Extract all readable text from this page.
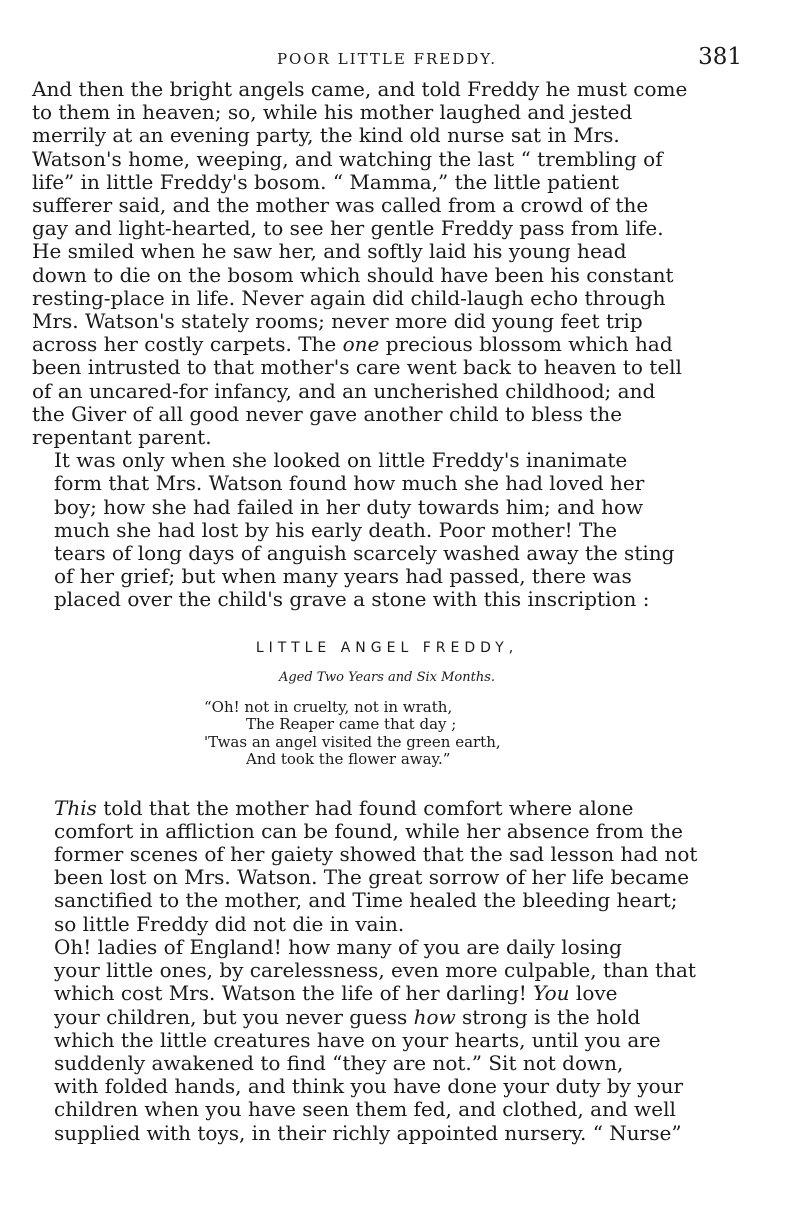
POOR LITTLE FREDDY.	381

And then the bright angels came, and told Freddy he must come
to them in heaven; so, while his mother laughed and jested
merrily at an evening party, the kind old nurse sat in Mrs.
Watson's home, weeping, and watching the last “ trembling of
life” in little Freddy's bosom. “ Mamma,” the little patient
sufferer said, and the mother was called from a crowd of the
gay and light-hearted, to see her gentle Freddy pass from life.
He smiled when he saw her, and softly laid his young head
down to die on the bosom which should have been his constant
resting-place in life. Never again did child-laugh echo through
Mrs. Watson's stately rooms; never more did young feet trip
across her costly carpets. The one precious blossom which had
been intrusted to that mother's care went back to heaven to tell
of an uncared-for infancy, and an uncherished childhood; and
the Giver of all good never gave another child to bless the
repentant parent.

It was only when she looked on little Freddy's inanimate
form that Mrs. Watson found how much she had loved her
boy; how she had failed in her duty towards him; and how
much she had lost by his early death. Poor mother! The
tears of long days of anguish scarcely washed away the sting
of her grief; but when many years had passed, there was
placed over the child's grave a stone with this inscription :

LITTLE ANGEL FREDDY,
Aged Two Years and Six Months.
“Oh! not in cruelty, not in wrath,
The Reaper came that day ;
'Twas an angel visited the green earth,
And took the flower away.”

This told that the mother had found comfort where alone
comfort in affliction can be found, while her absence from the
former scenes of her gaiety showed that the sad lesson had not
been lost on Mrs. Watson. The great sorrow of her life became
sanctified to the mother, and Time healed the bleeding heart;
so little Freddy did not die in vain.

Oh! ladies of England! how many of you are daily losing
your little ones, by carelessness, even more culpable, than that
which cost Mrs. Watson the life of her darling! You love
your children, but you never guess how strong is the hold
which the little creatures have on your hearts, until you are
suddenly awakened to find “they are not.” Sit not down,
with folded hands, and think you have done your duty by your
children when you have seen them fed, and clothed, and well
supplied with toys, in their richly appointed nursery. “ Nurse”
